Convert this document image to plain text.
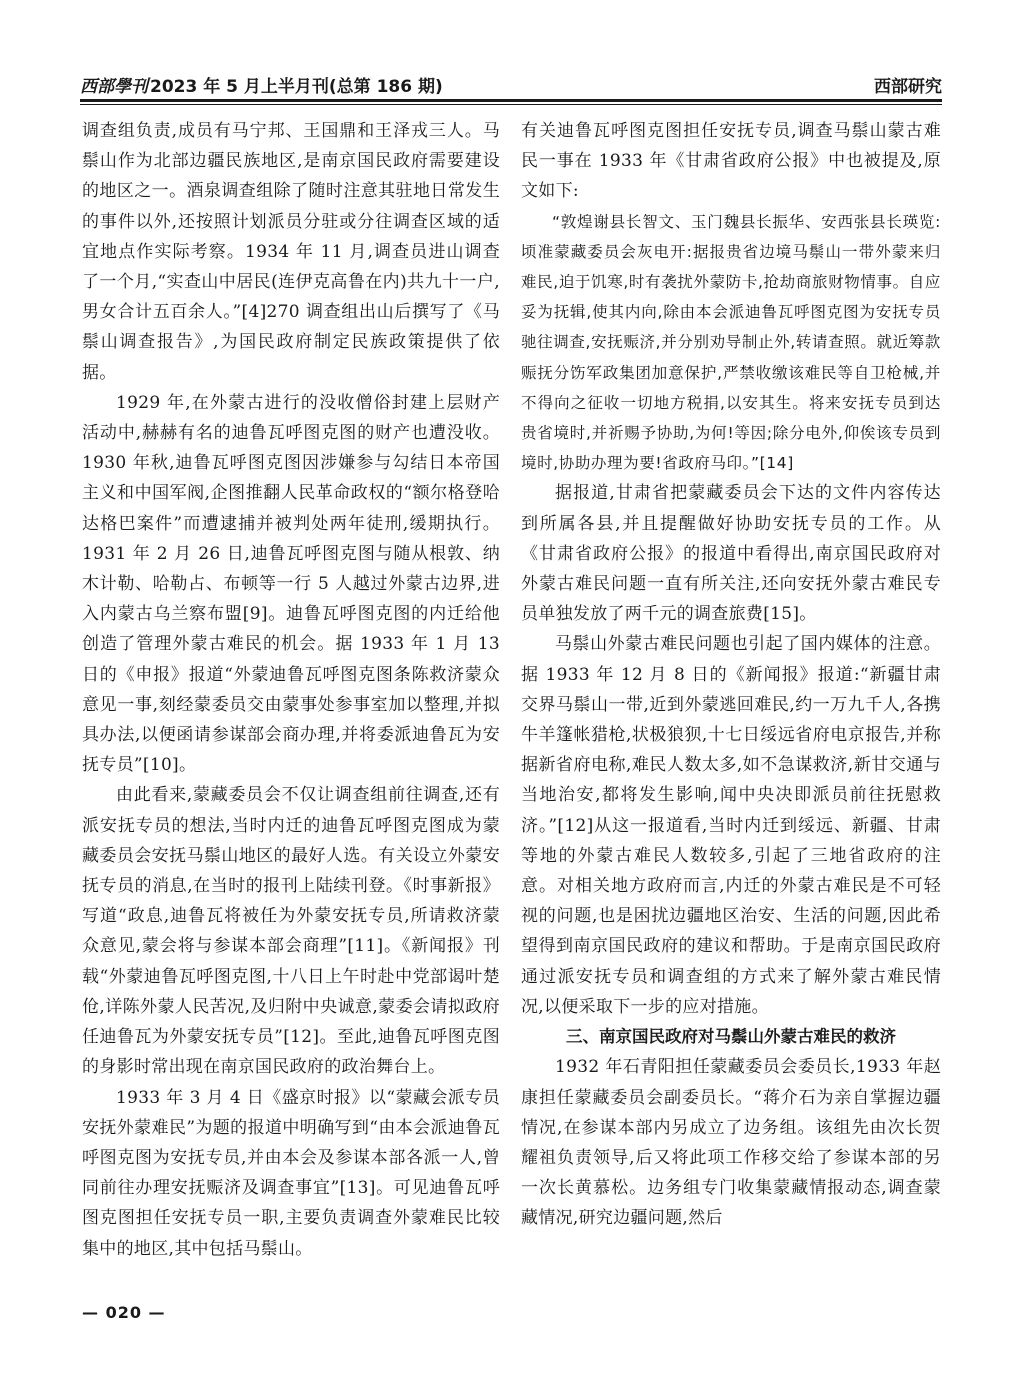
西部學刊 2023 年 5 月上半月刊(总第 186 期)	西部研究

调查组负责,成员有马宁邦、王国鼎和王泽戎三人。马鬃山作为北部边疆民族地区,是南京国民政府需要建设的地区之一。酒泉调查组除了随时注意其驻地日常发生的事件以外,还按照计划派员分驻或分往调查区域的适宜地点作实际考察。1934 年 11 月,调查员进山调查了一个月,“实查山中居民(连伊克高鲁在内)共九十一户,男女合计五百余人。”[4]270 调查组出山后撰写了《马鬃山调查报告》,为国民政府制定民族政策提供了依据。

1929 年,在外蒙古进行的没收僧俗封建上层财产活动中,赫赫有名的迪鲁瓦呼图克图的财产也遭没收。1930 年秋,迪鲁瓦呼图克图因涉嫌参与勾结日本帝国主义和中国军阀,企图推翻人民革命政权的“额尔格登哈达格巴案件”而遭逮捕并被判处两年徒刑,缓期执行。1931 年 2 月 26 日,迪鲁瓦呼图克图与随从根敦、纳木计勒、哈勒占、布顿等一行 5 人越过外蒙古边界,进入内蒙古乌兰察布盟[9]。迪鲁瓦呼图克图的内迁给他创造了管理外蒙古难民的机会。据 1933 年 1 月 13 日的《申报》报道“外蒙迪鲁瓦呼图克图条陈救济蒙众意见一事,刻经蒙委员交由蒙事处参事室加以整理,并拟具办法,以便函请参谋部会商办理,并将委派迪鲁瓦为安抚专员”[10]。

由此看来,蒙藏委员会不仅让调查组前往调查,还有派安抚专员的想法,当时内迁的迪鲁瓦呼图克图成为蒙藏委员会安抚马鬃山地区的最好人选。有关设立外蒙安抚专员的消息,在当时的报刊上陆续刊登。《时事新报》写道“政息,迪鲁瓦将被任为外蒙安抚专员,所请救济蒙众意见,蒙会将与参谋本部会商理”[11]。《新闻报》刊载“外蒙迪鲁瓦呼图克图,十八日上午时赴中党部谒叶楚伧,详陈外蒙人民苦况,及归附中央诚意,蒙委会请拟政府任迪鲁瓦为外蒙安抚专员”[12]。至此,迪鲁瓦呼图克图的身影时常出现在南京国民政府的政治舞台上。

1933 年 3 月 4 日《盛京时报》以“蒙藏会派专员安抚外蒙难民”为题的报道中明确写到“由本会派迪鲁瓦呼图克图为安抚专员,并由本会及参谋本部各派一人,曾同前往办理安抚赈济及调查事宜”[13]。可见迪鲁瓦呼图克图担任安抚专员一职,主要负责调查外蒙难民比较集中的地区,其中包括马鬃山。

有关迪鲁瓦呼图克图担任安抚专员,调查马鬃山蒙古难民一事在 1933 年《甘肃省政府公报》中也被提及,原文如下:

“敦煌谢县长智文、玉门魏县长振华、安西张县长瑛览:顷准蒙藏委员会灰电开:据报贵省边境马鬃山一带外蒙来归难民,迫于饥寒,时有袭扰外蒙防卡,抢劫商旅财物情事。自应妥为抚辑,使其内向,除由本会派迪鲁瓦呼图克图为安抚专员驰往调查,安抚赈济,并分别劝导制止外,转请查照。就近筹款赈抚分饬军政集团加意保护,严禁收缴该难民等自卫枪械,并不得向之征收一切地方税捐,以安其生。将来安抚专员到达贵省境时,并祈赐予协助,为何!等因;除分电外,仰俟该专员到境时,协助办理为要!省政府马印。”[14]

据报道,甘肃省把蒙藏委员会下达的文件内容传达到所属各县,并且提醒做好协助安抚专员的工作。从《甘肃省政府公报》的报道中看得出,南京国民政府对外蒙古难民问题一直有所关注,还向安抚外蒙古难民专员单独发放了两千元的调查旅费[15]。

马鬃山外蒙古难民问题也引起了国内媒体的注意。据 1933 年 12 月 8 日的《新闻报》报道:“新疆甘肃交界马鬃山一带,近到外蒙逃回难民,约一万九千人,各携牛羊篷帐猎枪,状极狼狈,十七日绥远省府电京报告,并称据新省府电称,难民人数太多,如不急谋救济,新甘交通与当地治安,都将发生影响,闻中央决即派员前往抚慰救济。”[12]从这一报道看,当时内迁到绥远、新疆、甘肃等地的外蒙古难民人数较多,引起了三地省政府的注意。对相关地方政府而言,内迁的外蒙古难民是不可轻视的问题,也是困扰边疆地区治安、生活的问题,因此希望得到南京国民政府的建议和帮助。于是南京国民政府通过派安抚专员和调查组的方式来了解外蒙古难民情况,以便采取下一步的应对措施。

三、南京国民政府对马鬃山外蒙古难民的救济

1932 年石青阳担任蒙藏委员会委员长,1933 年赵康担任蒙藏委员会副委员长。“蒋介石为亲自掌握边疆情况,在参谋本部内另成立了边务组。该组先由次长贺耀祖负责领导,后又将此项工作移交给了参谋本部的另一次长黄慕松。边务组专门收集蒙藏情报动态,调查蒙藏情况,研究边疆问题,然后

— 020 —
